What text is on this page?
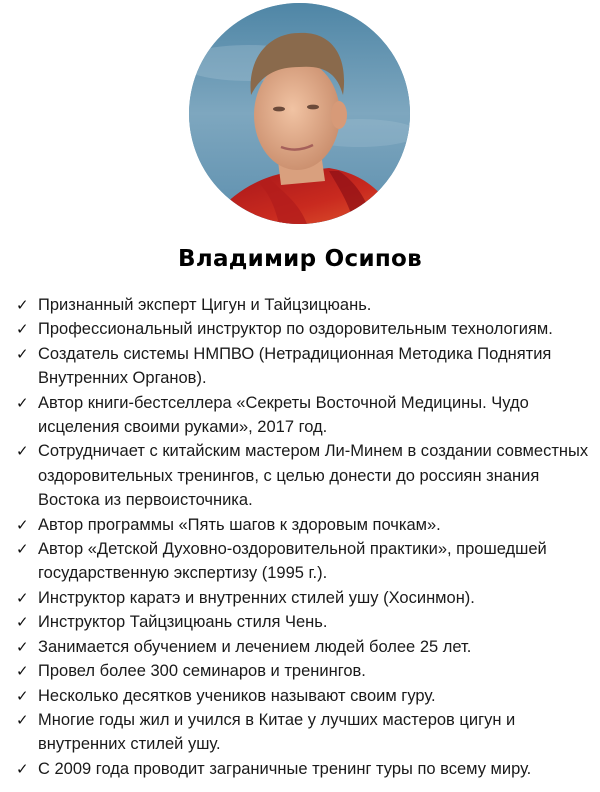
Владимир Осипов
✓ Признанный эксперт Цигун и Тайцзицюань.
✓ Профессиональный инструктор по оздоровительным технологиям.
✓ Создатель системы НМПВО (Нетрадиционная Методика Поднятия Внутренних Органов).
✓ Автор книги-бестселлера «Секреты Восточной Медицины. Чудо исцеления своими руками», 2017 год.
✓ Сотрудничает с китайским мастером Ли-Минем в создании совместных оздоровительных тренингов, с целью донести до россиян знания Востока из первоисточника.
✓ Автор программы «Пять шагов к здоровым почкам».
✓ Автор «Детской Духовно-оздоровительной практики», прошедшей государственную экспертизу (1995 г.).
✓ Инструктор каратэ и внутренних стилей ушу (Хосинмон).
✓ Инструктор Тайцзицюань стиля Чень.
✓ Занимается обучением и лечением людей более 25 лет.
✓ Провел более 300 семинаров и тренингов.
✓ Несколько десятков учеников называют своим гуру.
✓ Многие годы жил и учился в Китае у лучших мастеров цигун и внутренних стилей ушу.
✓ С 2009 года проводит заграничные тренинг туры по всему миру.
